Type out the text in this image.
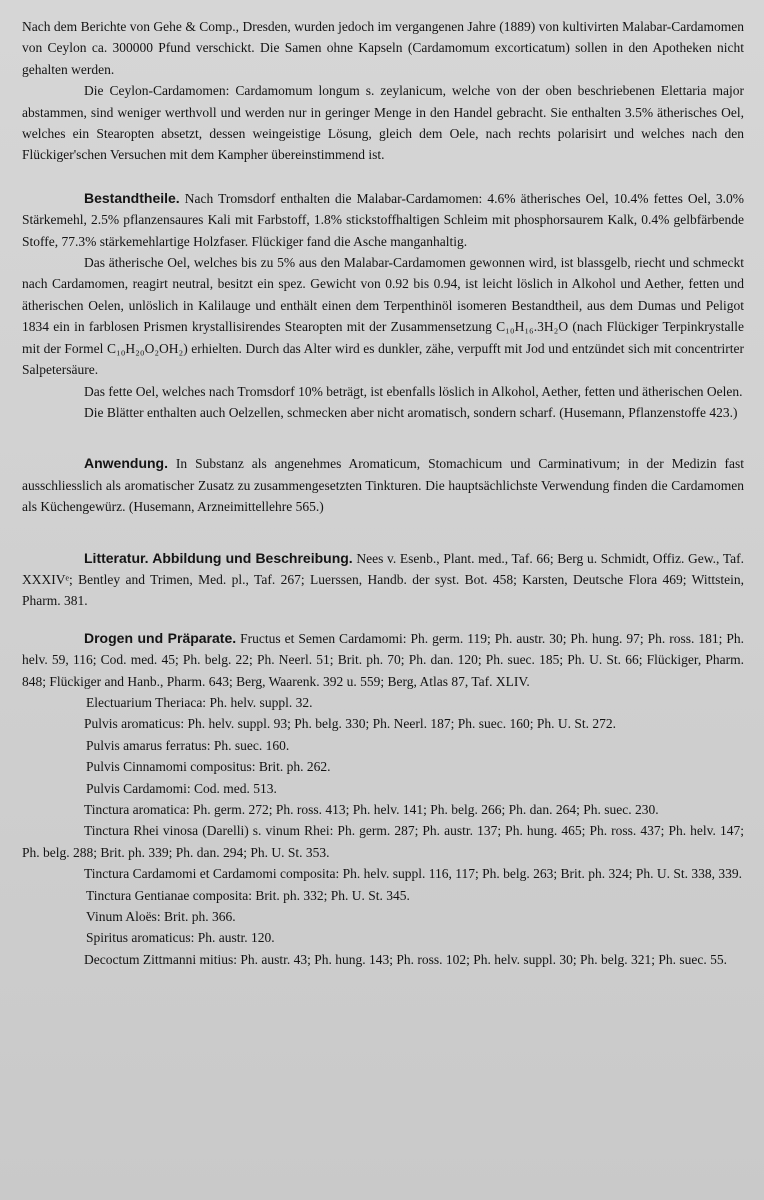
Nach dem Berichte von Gehe & Comp., Dresden, wurden jedoch im vergangenen Jahre (1889) von kultivirten Malabar-Cardamomen von Ceylon ca. 300000 Pfund verschickt. Die Samen ohne Kapseln (Cardamomum excorticatum) sollen in den Apotheken nicht gehalten werden.

Die Ceylon-Cardamomen: Cardamomum longum s. zeylanicum, welche von der oben beschriebenen Elettaria major abstammen, sind weniger werthvoll und werden nur in geringer Menge in den Handel gebracht. Sie enthalten 3.5% ätherisches Oel, welches ein Stearopten absetzt, dessen weingeistige Lösung, gleich dem Oele, nach rechts polarisirt und welches nach den Flückiger'schen Versuchen mit dem Kampher übereinstimmend ist.

Bestandtheile. Nach Tromsdorf enthalten die Malabar-Cardamomen: 4.6% ätherisches Oel, 10.4% fettes Oel, 3.0% Stärkemehl, 2.5% pflanzensaures Kali mit Farbstoff, 1.8% stickstoffhaltigen Schleim mit phosphorsaurem Kalk, 0.4% gelbfärbende Stoffe, 77.3% stärkemehlartige Holzfaser. Flückiger fand die Asche manganhaltig.

Das ätherische Oel, welches bis zu 5% aus den Malabar-Cardamomen gewonnen wird, ist blassgelb, riecht und schmeckt nach Cardamomen, reagirt neutral, besitzt ein spez. Gewicht von 0.92 bis 0.94, ist leicht löslich in Alkohol und Aether, fetten und ätherischen Oelen, unlöslich in Kalilauge und enthält einen dem Terpenthinöl isomeren Bestandtheil, aus dem Dumas und Peligot 1834 ein in farblosen Prismen krystallisirendes Stearopten mit der Zusammensetzung C₁₀H₁₆.3H₂O (nach Flückiger Terpinkrystalle mit der Formel C₁₀H₂₀O₂OH₂) erhielten. Durch das Alter wird es dunkler, zähe, verpufft mit Jod und entzündet sich mit concentrirter Salpetersäure.

Das fette Oel, welches nach Tromsdorf 10% beträgt, ist ebenfalls löslich in Alkohol, Aether, fetten und ätherischen Oelen.

Die Blätter enthalten auch Oelzellen, schmecken aber nicht aromatisch, sondern scharf. (Husemann, Pflanzenstoffe 423.)

Anwendung. In Substanz als angenehmes Aromaticum, Stomachicum und Carminativum; in der Medizin fast ausschliesslich als aromatischer Zusatz zu zusammengesetzten Tinkturen. Die hauptsächlichste Verwendung finden die Cardamomen als Küchengewürz. (Husemann, Arzneimittellehre 565.)

Litteratur. Abbildung und Beschreibung. Nees v. Esenb., Plant. med., Taf. 66; Berg u. Schmidt, Offiz. Gew., Taf. XXXIVᵉ; Bentley and Trimen, Med. pl., Taf. 267; Luerssen, Handb. der syst. Bot. 458; Karsten, Deutsche Flora 469; Wittstein, Pharm. 381.

Drogen und Präparate. Fructus et Semen Cardamomi: Ph. germ. 119; Ph. austr. 30; Ph. hung. 97; Ph. ross. 181; Ph. helv. 59, 116; Cod. med. 45; Ph. belg. 22; Ph. Neerl. 51; Brit. ph. 70; Ph. dan. 120; Ph. suec. 185; Ph. U. St. 66; Flückiger, Pharm. 848; Flückiger and Hanb., Pharm. 643; Berg, Waarenk. 392 u. 559; Berg, Atlas 87, Taf. XLIV.

Electuarium Theriaca: Ph. helv. suppl. 32.

Pulvis aromaticus: Ph. helv. suppl. 93; Ph. belg. 330; Ph. Neerl. 187; Ph. suec. 160; Ph. U. St. 272.

Pulvis amarus ferratus: Ph. suec. 160.

Pulvis Cinnamomi compositus: Brit. ph. 262.

Pulvis Cardamomi: Cod. med. 513.

Tinctura aromatica: Ph. germ. 272; Ph. ross. 413; Ph. helv. 141; Ph. belg. 266; Ph. dan. 264; Ph. suec. 230.

Tinctura Rhei vinosa (Darelli) s. vinum Rhei: Ph. germ. 287; Ph. austr. 137; Ph. hung. 465; Ph. ross. 437; Ph. helv. 147; Ph. belg. 288; Brit. ph. 339; Ph. dan. 294; Ph. U. St. 353.

Tinctura Cardamomi et Cardamomi composita: Ph. helv. suppl. 116, 117; Ph. belg. 263; Brit. ph. 324; Ph. U. St. 338, 339.

Tinctura Gentianae composita: Brit. ph. 332; Ph. U. St. 345.

Vinum Aloës: Brit. ph. 366.

Spiritus aromaticus: Ph. austr. 120.

Decoctum Zittmanni mitius: Ph. austr. 43; Ph. hung. 143; Ph. ross. 102; Ph. helv. suppl. 30; Ph. belg. 321; Ph. suec. 55.
